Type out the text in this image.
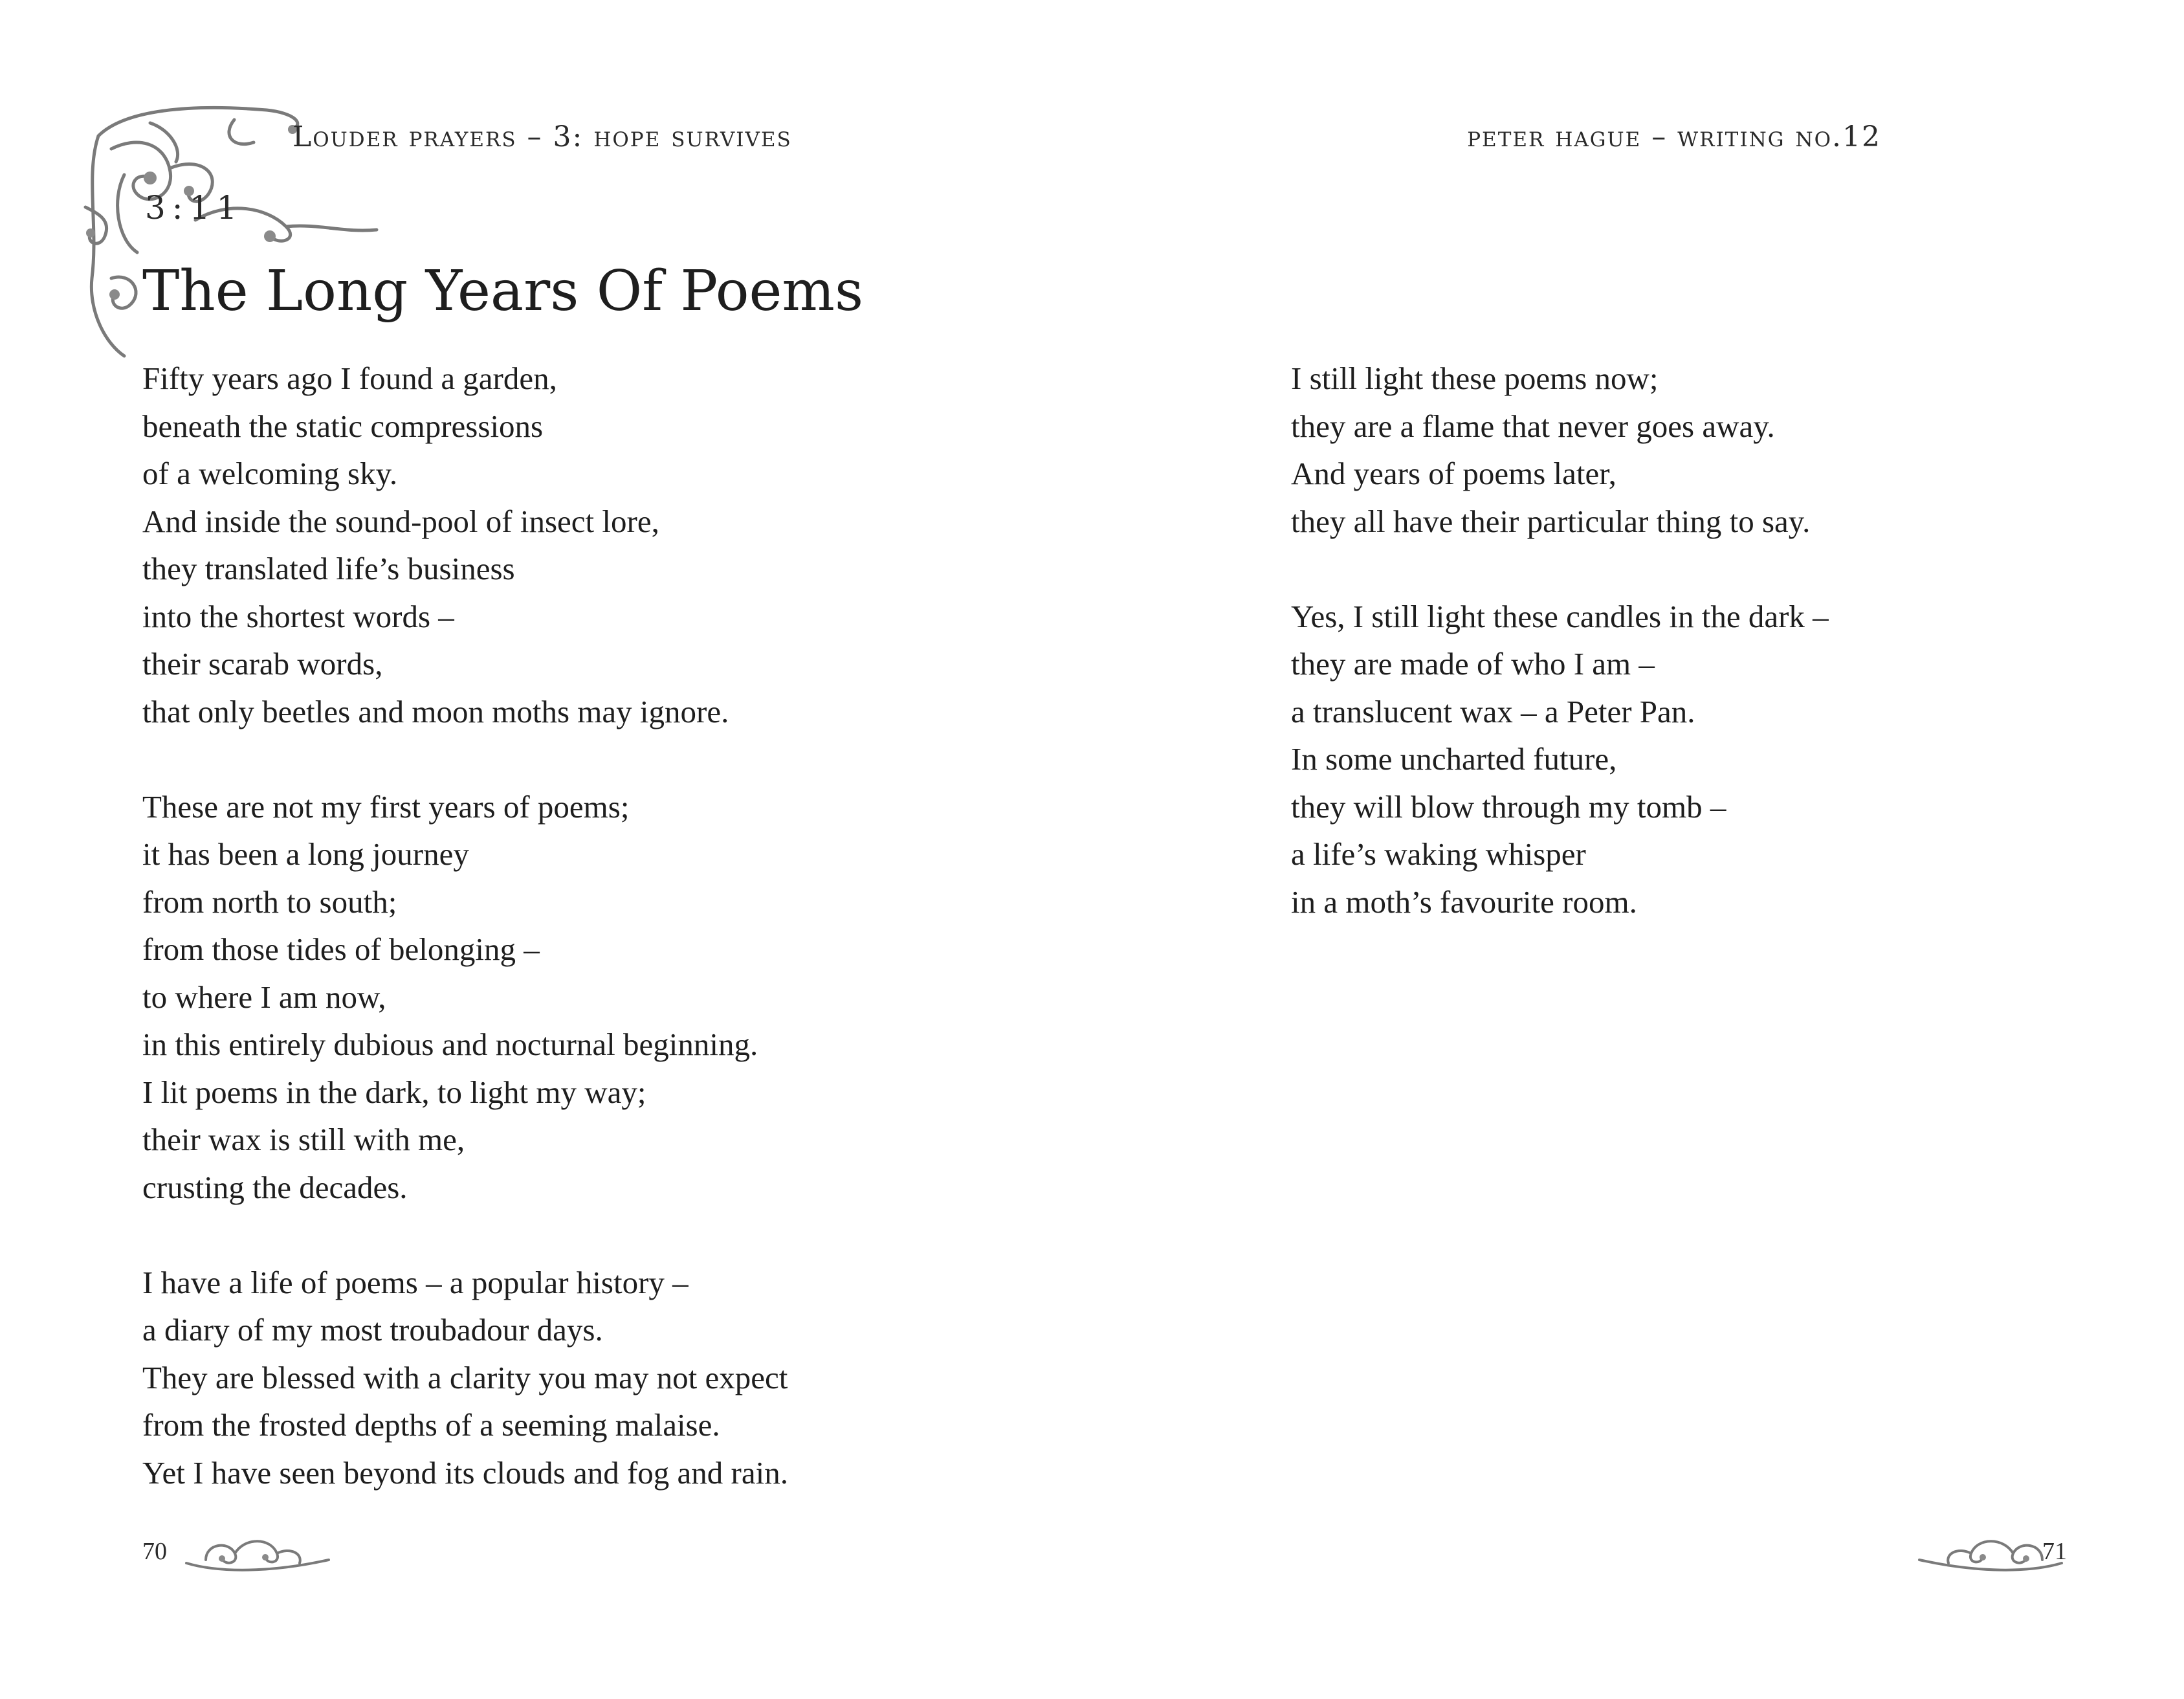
Louder prayers – 3: hope survives
3:11
The Long Years Of Poems
Fifty years ago I found a garden,
beneath the static compressions
of a welcoming sky.
And inside the sound-pool of insect lore,
they translated life’s business
into the shortest words –
their scarab words,
that only beetles and moon moths may ignore.
These are not my first years of poems;
it has been a long journey
from north to south;
from those tides of belonging –
to where I am now,
in this entirely dubious and nocturnal beginning.
I lit poems in the dark, to light my way;
their wax is still with me,
crusting the decades.
I have a life of poems – a popular history –
a diary of my most troubadour days.
They are blessed with a clarity you may not expect
from the frosted depths of a seeming malaise.
Yet I have seen beyond its clouds and fog and rain.
70
peter hague – writing no.12
I still light these poems now;
they are a flame that never goes away.
And years of poems later,
they all have their particular thing to say.
Yes, I still light these candles in the dark –
they are made of who I am –
a translucent wax – a Peter Pan.
In some uncharted future,
they will blow through my tomb –
a life’s waking whisper
in a moth’s favourite room.
71
